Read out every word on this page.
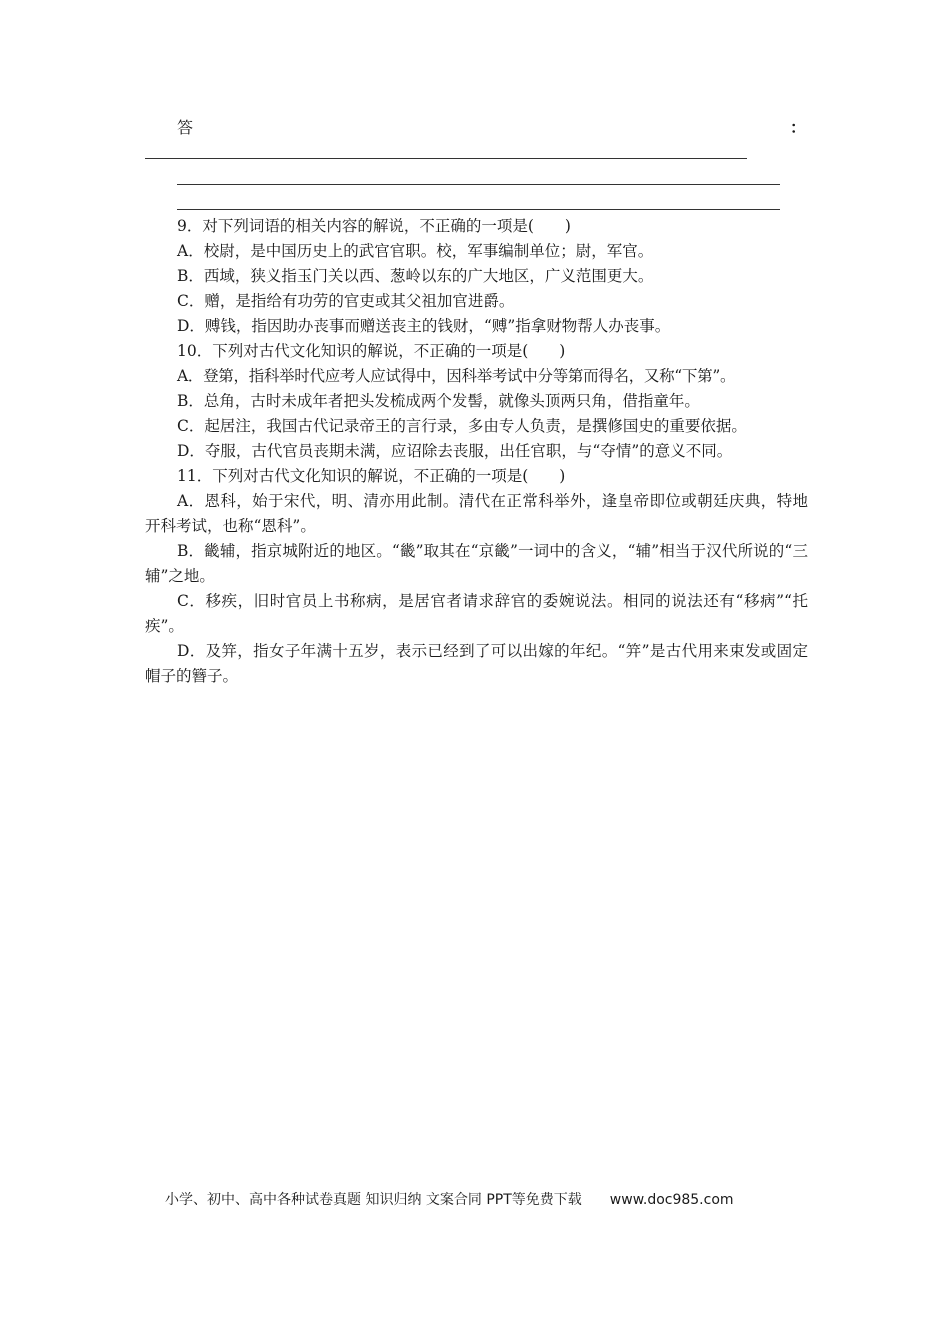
答	：

9．对下列词语的相关内容的解说，不正确的一项是(　　)

A．校尉，是中国历史上的武官官职。校，军事编制单位；尉，军官。

B．西域，狭义指玉门关以西、葱岭以东的广大地区，广义范围更大。

C．赠，是指给有功劳的官吏或其父祖加官进爵。

D．赙钱，指因助办丧事而赠送丧主的钱财，“赙”指拿财物帮人办丧事。

10．下列对古代文化知识的解说，不正确的一项是(　　)

A．登第，指科举时代应考人应试得中，因科举考试中分等第而得名，又称“下第”。

B．总角，古时未成年者把头发梳成两个发髻，就像头顶两只角，借指童年。

C．起居注，我国古代记录帝王的言行录，多由专人负责，是撰修国史的重要依据。

D．夺服，古代官员丧期未满，应诏除去丧服，出任官职，与“夺情”的意义不同。

11．下列对古代文化知识的解说，不正确的一项是(　　)

A．恩科，始于宋代，明、清亦用此制。清代在正常科举外，逢皇帝即位或朝廷庆典，特地开科考试，也称“恩科”。

B．畿辅，指京城附近的地区。“畿”取其在“京畿”一词中的含义，“辅”相当于汉代所说的“三辅”之地。

C．移疾，旧时官员上书称病，是居官者请求辞官的委婉说法。相同的说法还有“移病”“托疾”。

D．及笄，指女子年满十五岁，表示已经到了可以出嫁的年纪。“笄”是古代用来束发或固定帽子的簪子。

小学、初中、高中各种试卷真题 知识归纳 文案合同 PPT等免费下载 www.doc985.com
